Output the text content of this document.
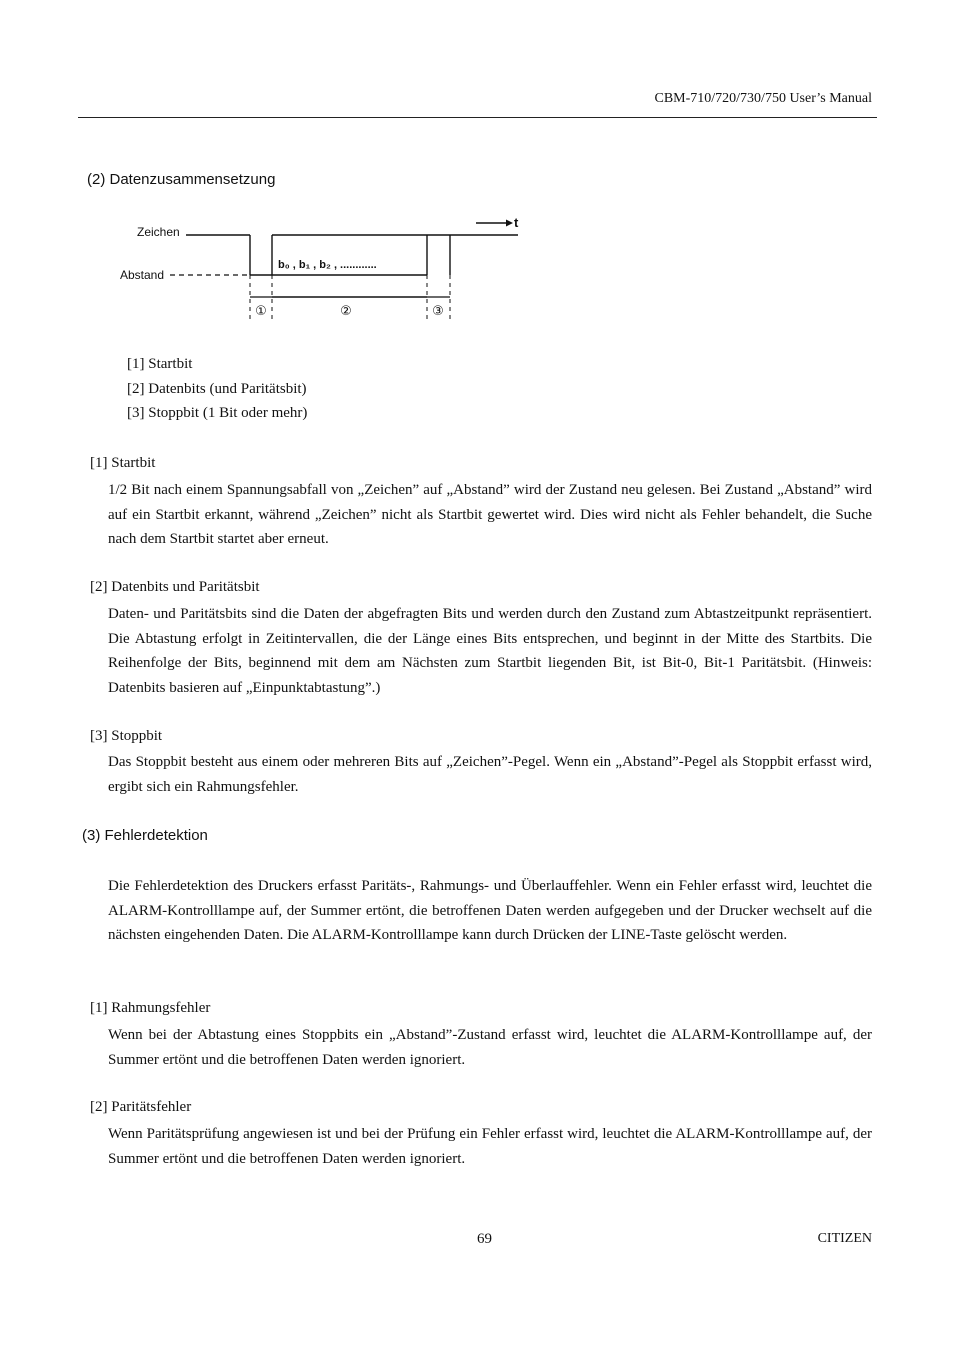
CBM-710/720/730/750 User’s Manual
(2) Datenzusammensetzung
Zeichen
Abstand
b₀ , b₁ , b₂ , ............
t
①	②	③
[1] Startbit
[2] Datenbits (und Paritätsbit)
[3] Stoppbit (1 Bit oder mehr)
[1] Startbit
1/2 Bit nach einem Spannungsabfall von „Zeichen” auf „Abstand” wird der Zustand neu gelesen. Bei Zustand „Abstand” wird auf ein Startbit erkannt, während „Zeichen” nicht als Startbit gewertet wird. Dies wird nicht als Fehler behandelt, die Suche nach dem Startbit startet aber erneut.
[2] Datenbits und Paritätsbit
Daten- und Paritätsbits sind die Daten der abgefragten Bits und werden durch den Zustand zum Abtastzeitpunkt repräsentiert. Die Abtastung erfolgt in Zeitintervallen, die der Länge eines Bits entsprechen, und beginnt in der Mitte des Startbits. Die Reihenfolge der Bits, beginnend mit dem am Nächsten zum Startbit liegenden Bit, ist Bit-0, Bit-1 Paritätsbit. (Hinweis: Datenbits basieren auf „Einpunktabtastung”.)
[3] Stoppbit
Das Stoppbit besteht aus einem oder mehreren Bits auf „Zeichen”-Pegel. Wenn ein „Abstand”-Pegel als Stoppbit erfasst wird, ergibt sich ein Rahmungsfehler.
(3) Fehlerdetektion
Die Fehlerdetektion des Druckers erfasst Paritäts-, Rahmungs- und Überlauffehler. Wenn ein Fehler erfasst wird, leuchtet die ALARM-Kontrolllampe auf, der Summer ertönt, die betroffenen Daten werden aufgegeben und der Drucker wechselt auf die nächsten eingehenden Daten. Die ALARM-Kontrolllampe kann durch Drücken der LINE-Taste gelöscht werden.
[1] Rahmungsfehler
Wenn bei der Abtastung eines Stoppbits ein „Abstand”-Zustand erfasst wird, leuchtet die ALARM-Kontrolllampe auf, der Summer ertönt und die betroffenen Daten werden ignoriert.
[2] Paritätsfehler
Wenn Paritätsprüfung angewiesen ist und bei der Prüfung ein Fehler erfasst wird, leuchtet die ALARM-Kontrolllampe auf, der Summer ertönt und die betroffenen Daten werden ignoriert.
69	CITIZEN
